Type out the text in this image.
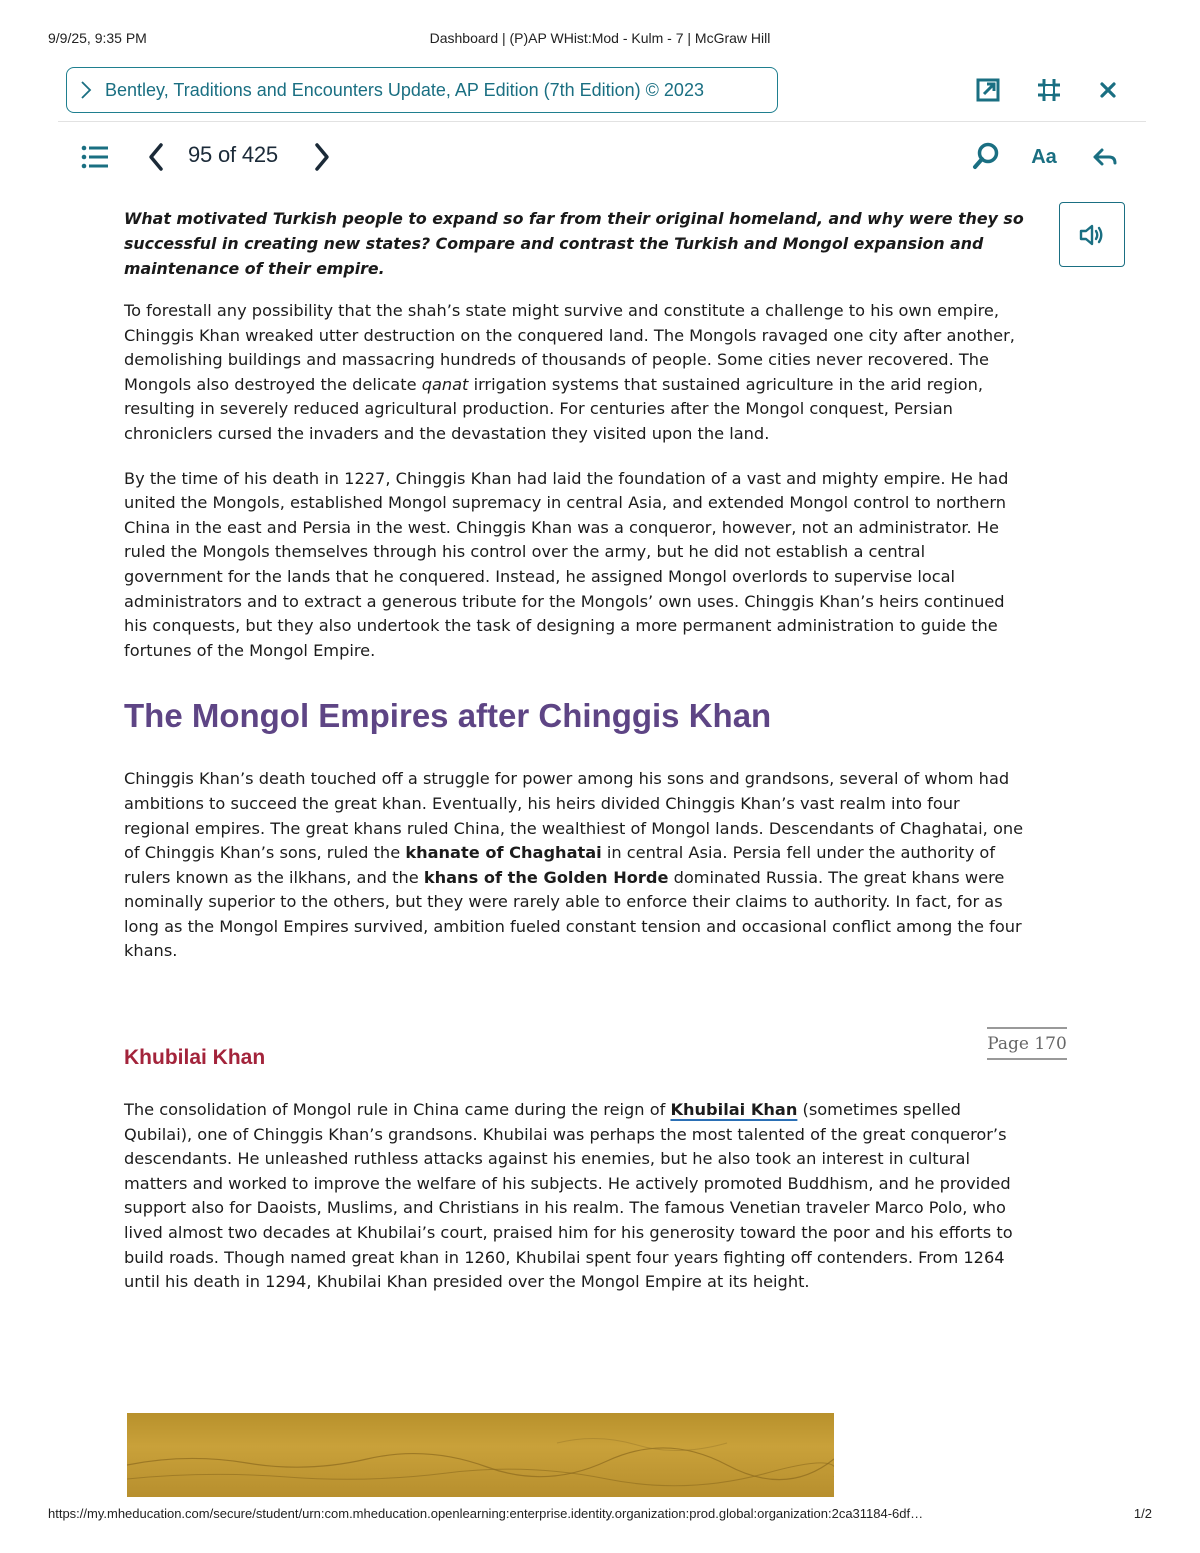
9/9/25, 9:35 PM	Dashboard | (P)AP WHist:Mod - Kulm - 7 | McGraw Hill
Bentley, Traditions and Encounters Update, AP Edition (7th Edition) © 2023
95 of 425	Aa

What motivated Turkish people to expand so far from their original homeland, and why were they so successful in creating new states? Compare and contrast the Turkish and Mongol expansion and maintenance of their empire.

To forestall any possibility that the shah’s state might survive and constitute a challenge to his own empire, Chinggis Khan wreaked utter destruction on the conquered land. The Mongols ravaged one city after another, demolishing buildings and massacring hundreds of thousands of people. Some cities never recovered. The Mongols also destroyed the delicate qanat irrigation systems that sustained agriculture in the arid region, resulting in severely reduced agricultural production. For centuries after the Mongol conquest, Persian chroniclers cursed the invaders and the devastation they visited upon the land.

By the time of his death in 1227, Chinggis Khan had laid the foundation of a vast and mighty empire. He had united the Mongols, established Mongol supremacy in central Asia, and extended Mongol control to northern China in the east and Persia in the west. Chinggis Khan was a conqueror, however, not an administrator. He ruled the Mongols themselves through his control over the army, but he did not establish a central government for the lands that he conquered. Instead, he assigned Mongol overlords to supervise local administrators and to extract a generous tribute for the Mongols’ own uses. Chinggis Khan’s heirs continued his conquests, but they also undertook the task of designing a more permanent administration to guide the fortunes of the Mongol Empire.

The Mongol Empires after Chinggis Khan

Chinggis Khan’s death touched off a struggle for power among his sons and grandsons, several of whom had ambitions to succeed the great khan. Eventually, his heirs divided Chinggis Khan’s vast realm into four regional empires. The great khans ruled China, the wealthiest of Mongol lands. Descendants of Chaghatai, one of Chinggis Khan’s sons, ruled the khanate of Chaghatai in central Asia. Persia fell under the authority of rulers known as the ilkhans, and the khans of the Golden Horde dominated Russia. The great khans were nominally superior to the others, but they were rarely able to enforce their claims to authority. In fact, for as long as the Mongol Empires survived, ambition fueled constant tension and occasional conflict among the four khans.

Khubilai Khan

The consolidation of Mongol rule in China came during the reign of Khubilai Khan (sometimes spelled Qubilai), one of Chinggis Khan’s grandsons. Khubilai was perhaps the most talented of the great conqueror’s descendants. He unleashed ruthless attacks against his enemies, but he also took an interest in cultural matters and worked to improve the welfare of his subjects. He actively promoted Buddhism, and he provided support also for Daoists, Muslims, and Christians in his realm. The famous Venetian traveler Marco Polo, who lived almost two decades at Khubilai’s court, praised him for his generosity toward the poor and his efforts to build roads. Though named great khan in 1260, Khubilai spent four years fighting off contenders. From 1264 until his death in 1294, Khubilai Khan presided over the Mongol Empire at its height.

Page 170
https://my.mheducation.com/secure/student/urn:com.mheducation.openlearning:enterprise.identity.organization:prod.global:organization:2ca31184-6df…	1/2
